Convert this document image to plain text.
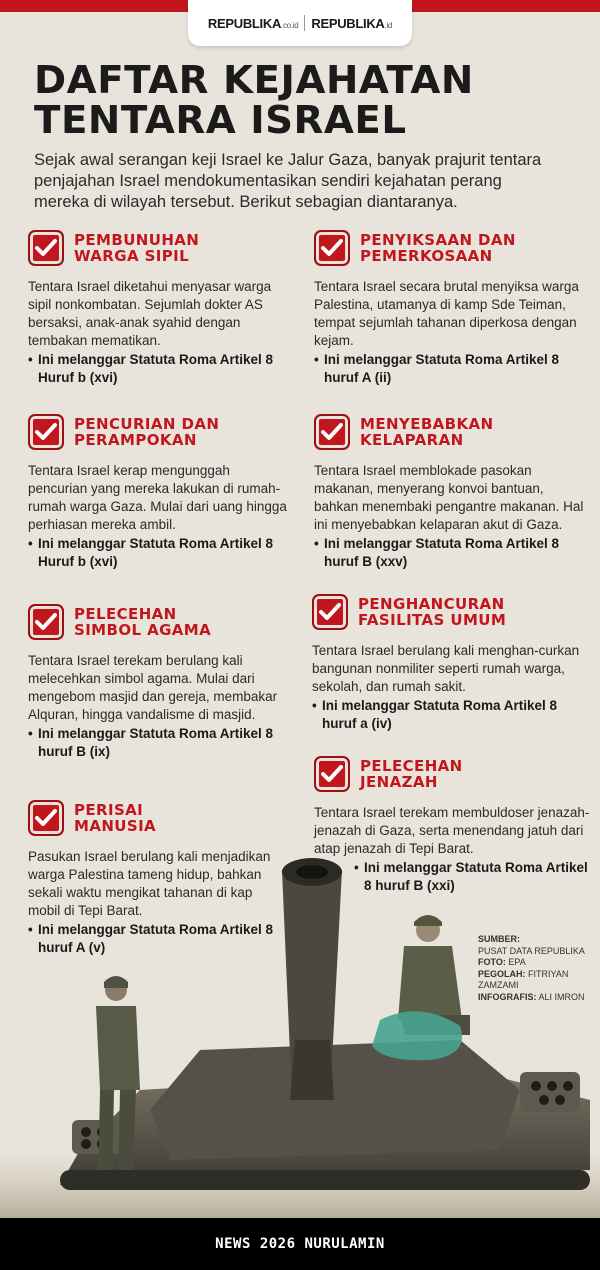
REPUBLIKA.co.id REPUBLIKA.id
DAFTAR KEJAHATAN
TENTARA ISRAEL

Sejak awal serangan keji Israel ke Jalur Gaza, banyak prajurit tentara penjajahan Israel mendokumentasikan sendiri kejahatan perang mereka di wilayah tersebut. Berikut sebagian diantaranya.

PEMBUNUHAN
WARGA SIPIL

Tentara Israel diketahui menyasar warga sipil nonkombatan. Sejumlah dokter AS bersaksi, anak-anak syahid dengan tembakan mematikan.

• Ini melanggar Statuta Roma Artikel 8 Huruf b (xvi)

PENYIKSAAN DAN
PEMERKOSAAN

Tentara Israel secara brutal menyiksa warga Palestina, utamanya di kamp Sde Teiman, tempat sejumlah tahanan diperkosa dengan kejam.

• Ini melanggar Statuta Roma Artikel 8 huruf A (ii)

PENCURIAN DAN
PERAMPOKAN

Tentara Israel kerap mengunggah pencurian yang mereka lakukan di rumah-rumah warga Gaza. Mulai dari uang hingga perhiasan mereka ambil.

• Ini melanggar Statuta Roma Artikel 8 Huruf b (xvi)

MENYEBABKAN
KELAPARAN

Tentara Israel memblokade pasokan makanan, menyerang konvoi bantuan, bahkan menembaki pengantre makanan. Hal ini menyebabkan kelaparan akut di Gaza.

• Ini melanggar Statuta Roma Artikel 8 huruf B (xxv)

PELECEHAN
SIMBOL AGAMA

Tentara Israel terekam berulang kali melecehkan simbol agama. Mulai dari mengebom masjid dan gereja, membakar Alquran, hingga vandalisme di masjid.

• Ini melanggar Statuta Roma Artikel 8 huruf B (ix)

PENGHANCURAN
FASILITAS UMUM

Tentara Israel berulang kali menghan-curkan bangunan nonmiliter seperti rumah warga, sekolah, dan rumah sakit.

• Ini melanggar Statuta Roma Artikel 8 huruf a (iv)

PERISAI
MANUSIA

Pasukan Israel berulang kali menjadikan warga Palestina tameng hidup, bahkan sekali waktu mengikat tahanan di kap mobil di Tepi Barat.

• Ini melanggar Statuta Roma Artikel 8 huruf A (v)

PELECEHAN
JENAZAH

Tentara Israel terekam membuldoser jenazah-jenazah di Gaza, serta menendang jatuh dari atap jenazah di Tepi Barat.

• Ini melanggar Statuta Roma Artikel 8 huruf B (xxi)

SUMBER:
PUSAT DATA REPUBLIKA
FOTO: EPA
PEGOLAH: FITRIYAN ZAMZAMI
INFOGRAFIS: ALI IMRON
NEWS 2026 NURULAMIN
